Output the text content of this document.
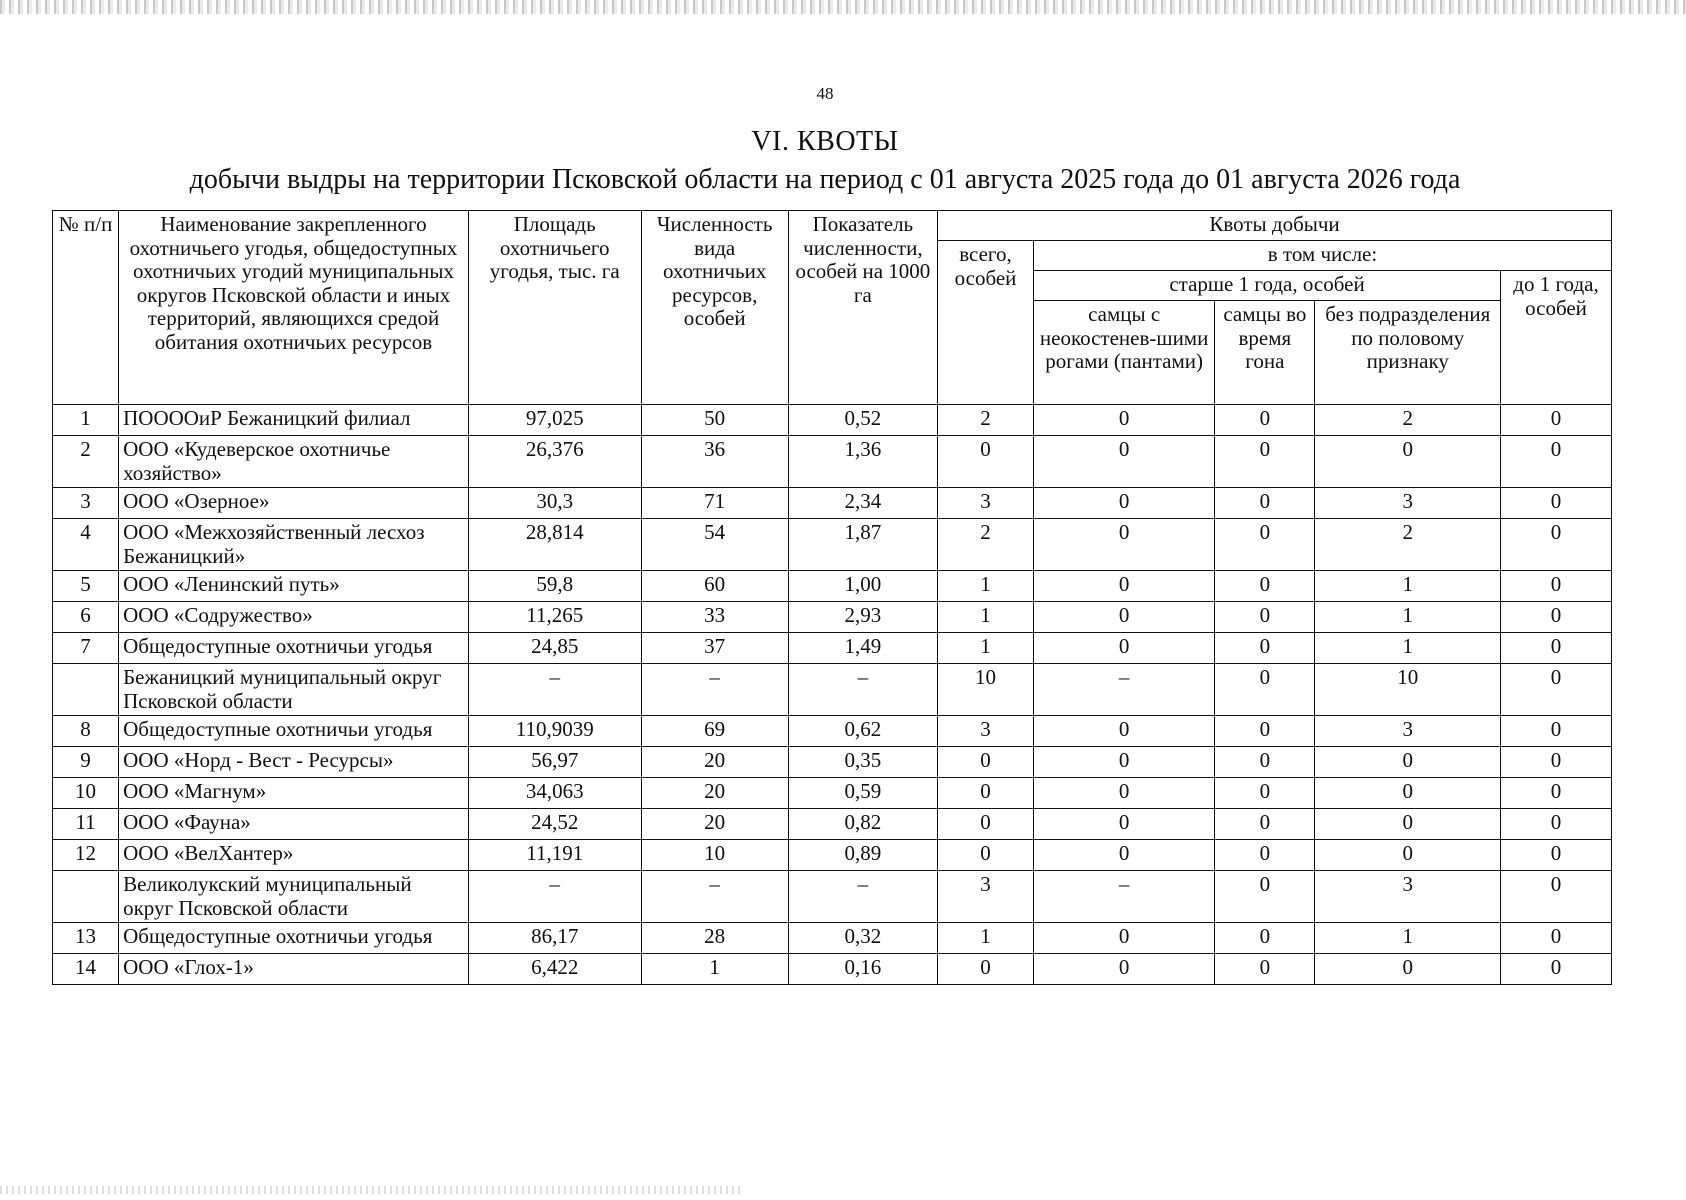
48
VI. КВОТЫ
добычи выдры на территории Псковской области на период с 01 августа 2025 года до 01 августа 2026 года
№ п/п	Наименование закрепленного охотничьего угодья, общедоступных охотничьих угодий муниципальных округов Псковской области и иных территорий, являющихся средой обитания охотничьих ресурсов	Площадь охотничьего угодья, тыс. га	Численность вида охотничьих ресурсов, особей	Показатель численности, особей на 1000 га	Квоты добычи				
					всего, особей	в том числе:			
						старше 1 года, особей			до 1 года, особей
						самцы с неокостенев-шими рогами (пантами)	самцы во время гона	без подразделения по половому признаку	
1	ПООООиР Бежаницкий филиал	97,025	50	0,52	2	0	0	2	0
2	ООО «Кудеверское охотничье хозяйство»	26,376	36	1,36	0	0	0	0	0
3	ООО «Озерное»	30,3	71	2,34	3	0	0	3	0
4	ООО «Межхозяйственный лесхоз Бежаницкий»	28,814	54	1,87	2	0	0	2	0
5	ООО «Ленинский путь»	59,8	60	1,00	1	0	0	1	0
6	ООО «Содружество»	11,265	33	2,93	1	0	0	1	0
7	Общедоступные охотничьи угодья	24,85	37	1,49	1	0	0	1	0
	Бежаницкий муниципальный округ Псковской области	–	–	–	10	–	0	10	0
8	Общедоступные охотничьи угодья	110,9039	69	0,62	3	0	0	3	0
9	ООО «Норд - Вест - Ресурсы»	56,97	20	0,35	0	0	0	0	0
10	ООО «Магнум»	34,063	20	0,59	0	0	0	0	0
11	ООО «Фауна»	24,52	20	0,82	0	0	0	0	0
12	ООО «ВелХантер»	11,191	10	0,89	0	0	0	0	0
	Великолукский муниципальный округ Псковской области	–	–	–	3	–	0	3	0
13	Общедоступные охотничьи угодья	86,17	28	0,32	1	0	0	1	0
14	ООО «Глох-1»	6,422	1	0,16	0	0	0	0	0
